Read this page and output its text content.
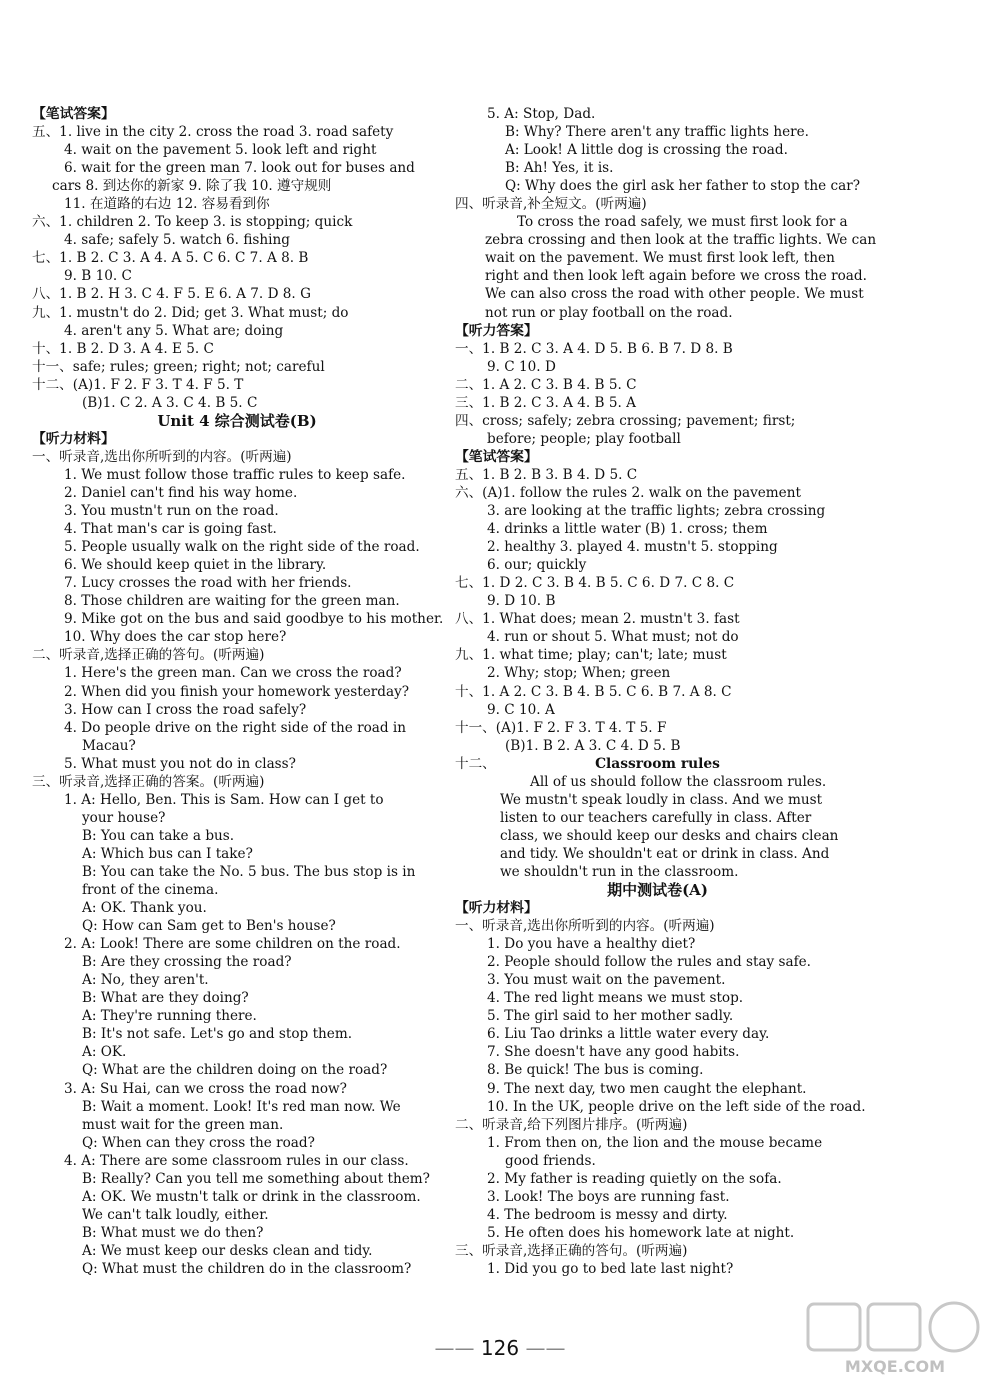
【笔试答案】
五、1. live in the city 2. cross the road 3. road safety
4. wait on the pavement 5. look left and right
6. wait for the green man 7. look out for buses and
cars 8. 到达你的新家 9. 除了我 10. 遵守规则
11. 在道路的右边 12. 容易看到你
六、1. children 2. To keep 3. is stopping; quick
4. safe; safely 5. watch 6. fishing
七、1. B 2. C 3. A 4. A 5. C 6. C 7. A 8. B
9. B 10. C
八、1. B 2. H 3. C 4. F 5. E 6. A 7. D 8. G
九、1. mustn't do 2. Did; get 3. What must; do
4. aren't any 5. What are; doing
十、1. B 2. D 3. A 4. E 5. C
十一、safe; rules; green; right; not; careful
十二、(A)1. F 2. F 3. T 4. F 5. T
(B)1. C 2. A 3. C 4. B 5. C
Unit 4 综合测试卷(B)
【听力材料】
一、听录音,选出你所听到的内容。(听两遍)
1. We must follow those traffic rules to keep safe.
2. Daniel can't find his way home.
3. You mustn't run on the road.
4. That man's car is going fast.
5. People usually walk on the right side of the road.
6. We should keep quiet in the library.
7. Lucy crosses the road with her friends.
8. Those children are waiting for the green man.
9. Mike got on the bus and said goodbye to his mother.
10. Why does the car stop here?
二、听录音,选择正确的答句。(听两遍)
1. Here's the green man. Can we cross the road?
2. When did you finish your homework yesterday?
3. How can I cross the road safely?
4. Do people drive on the right side of the road in
Macau?
5. What must you not do in class?
三、听录音,选择正确的答案。(听两遍)
1. A: Hello, Ben. This is Sam. How can I get to
your house?
B: You can take a bus.
A: Which bus can I take?
B: You can take the No. 5 bus. The bus stop is in
front of the cinema.
A: OK. Thank you.
Q: How can Sam get to Ben's house?
2. A: Look! There are some children on the road.
B: Are they crossing the road?
A: No, they aren't.
B: What are they doing?
A: They're running there.
B: It's not safe. Let's go and stop them.
A: OK.
Q: What are the children doing on the road?
3. A: Su Hai, can we cross the road now?
B: Wait a moment. Look! It's red man now. We
must wait for the green man.
Q: When can they cross the road?
4. A: There are some classroom rules in our class.
B: Really? Can you tell me something about them?
A: OK. We mustn't talk or drink in the classroom.
We can't talk loudly, either.
B: What must we do then?
A: We must keep our desks clean and tidy.
Q: What must the children do in the classroom?
5. A: Stop, Dad.
B: Why? There aren't any traffic lights here.
A: Look! A little dog is crossing the road.
B: Ah! Yes, it is.
Q: Why does the girl ask her father to stop the car?
四、听录音,补全短文。(听两遍)
To cross the road safely, we must first look for a
zebra crossing and then look at the traffic lights. We can
wait on the pavement. We must first look left, then
right and then look left again before we cross the road.
We can also cross the road with other people. We must
not run or play football on the road.
【听力答案】
一、1. B 2. C 3. A 4. D 5. B 6. B 7. D 8. B
9. C 10. D
二、1. A 2. C 3. B 4. B 5. C
三、1. B 2. C 3. A 4. B 5. A
四、cross; safely; zebra crossing; pavement; first;
before; people; play football
【笔试答案】
五、1. B 2. B 3. B 4. D 5. C
六、(A)1. follow the rules 2. walk on the pavement
3. are looking at the traffic lights; zebra crossing
4. drinks a little water (B) 1. cross; them
2. healthy 3. played 4. mustn't 5. stopping
6. our; quickly
七、1. D 2. C 3. B 4. B 5. C 6. D 7. C 8. C
9. D 10. B
八、1. What does; mean 2. mustn't 3. fast
4. run or shout 5. What must; not do
九、1. what time; play; can't; late; must
2. Why; stop; When; green
十、1. A 2. C 3. B 4. B 5. C 6. B 7. A 8. C
9. C 10. A
十一、(A)1. F 2. F 3. T 4. T 5. F
(B)1. B 2. A 3. C 4. D 5. B
十二、	Classroom rules
All of us should follow the classroom rules.
We mustn't speak loudly in class. And we must
listen to our teachers carefully in class. After
class, we should keep our desks and chairs clean
and tidy. We shouldn't eat or drink in class. And
we shouldn't run in the classroom.
期中测试卷(A)
【听力材料】
一、听录音,选出你所听到的内容。(听两遍)
1. Do you have a healthy diet?
2. People should follow the rules and stay safe.
3. You must wait on the pavement.
4. The red light means we must stop.
5. The girl said to her mother sadly.
6. Liu Tao drinks a little water every day.
7. She doesn't have any good habits.
8. Be quick! The bus is coming.
9. The next day, two men caught the elephant.
10. In the UK, people drive on the left side of the road.
二、听录音,给下列图片排序。(听两遍)
1. From then on, the lion and the mouse became
good friends.
2. My father is reading quietly on the sofa.
3. Look! The boys are running fast.
4. The bedroom is messy and dirty.
5. He often does his homework late at night.
三、听录音,选择正确的答句。(听两遍)
1. Did you go to bed late last night?
—— 126 ——
MXQE.COM
